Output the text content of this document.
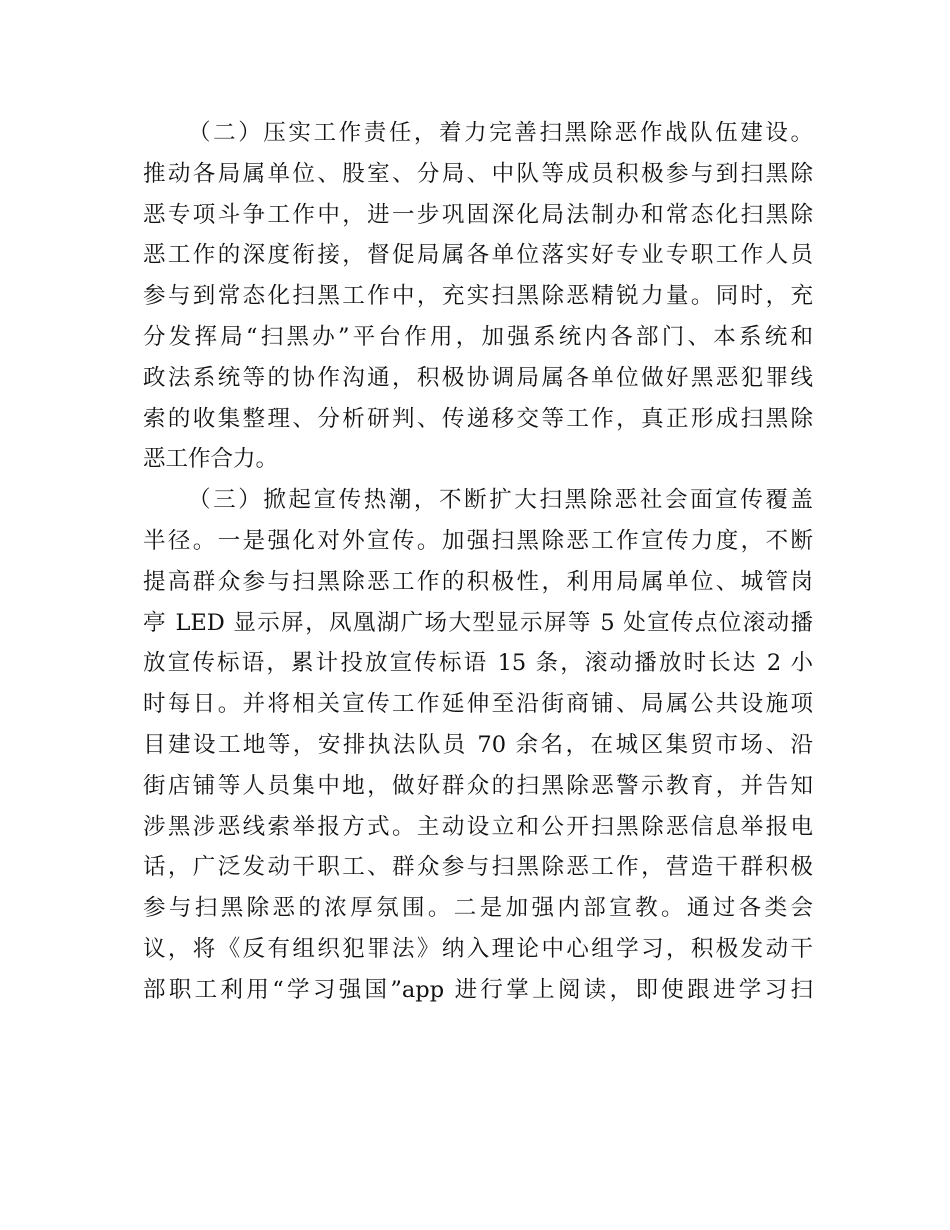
（二）压实工作责任，着力完善扫黑除恶作战队伍建设。
推动各局属单位、股室、分局、中队等成员积极参与到扫黑除
恶专项斗争工作中，进一步巩固深化局法制办和常态化扫黑除
恶工作的深度衔接，督促局属各单位落实好专业专职工作人员
参与到常态化扫黑工作中，充实扫黑除恶精锐力量。同时，充
分发挥局“扫黑办”平台作用，加强系统内各部门、本系统和
政法系统等的协作沟通，积极协调局属各单位做好黑恶犯罪线
索的收集整理、分析研判、传递移交等工作，真正形成扫黑除
恶工作合力。
（三）掀起宣传热潮，不断扩大扫黑除恶社会面宣传覆盖
半径。一是强化对外宣传。加强扫黑除恶工作宣传力度，不断
提高群众参与扫黑除恶工作的积极性，利用局属单位、城管岗
亭 LED 显示屏，凤凰湖广场大型显示屏等 5 处宣传点位滚动播
放宣传标语，累计投放宣传标语 15 条，滚动播放时长达 2 小
时每日。并将相关宣传工作延伸至沿街商铺、局属公共设施项
目建设工地等，安排执法队员 70 余名，在城区集贸市场、沿
街店铺等人员集中地，做好群众的扫黑除恶警示教育，并告知
涉黑涉恶线索举报方式。主动设立和公开扫黑除恶信息举报电
话，广泛发动干职工、群众参与扫黑除恶工作，营造干群积极
参与扫黑除恶的浓厚氛围。二是加强内部宣教。通过各类会
议，将《反有组织犯罪法》纳入理论中心组学习，积极发动干
部职工利用“学习强国”app 进行掌上阅读，即使跟进学习扫
